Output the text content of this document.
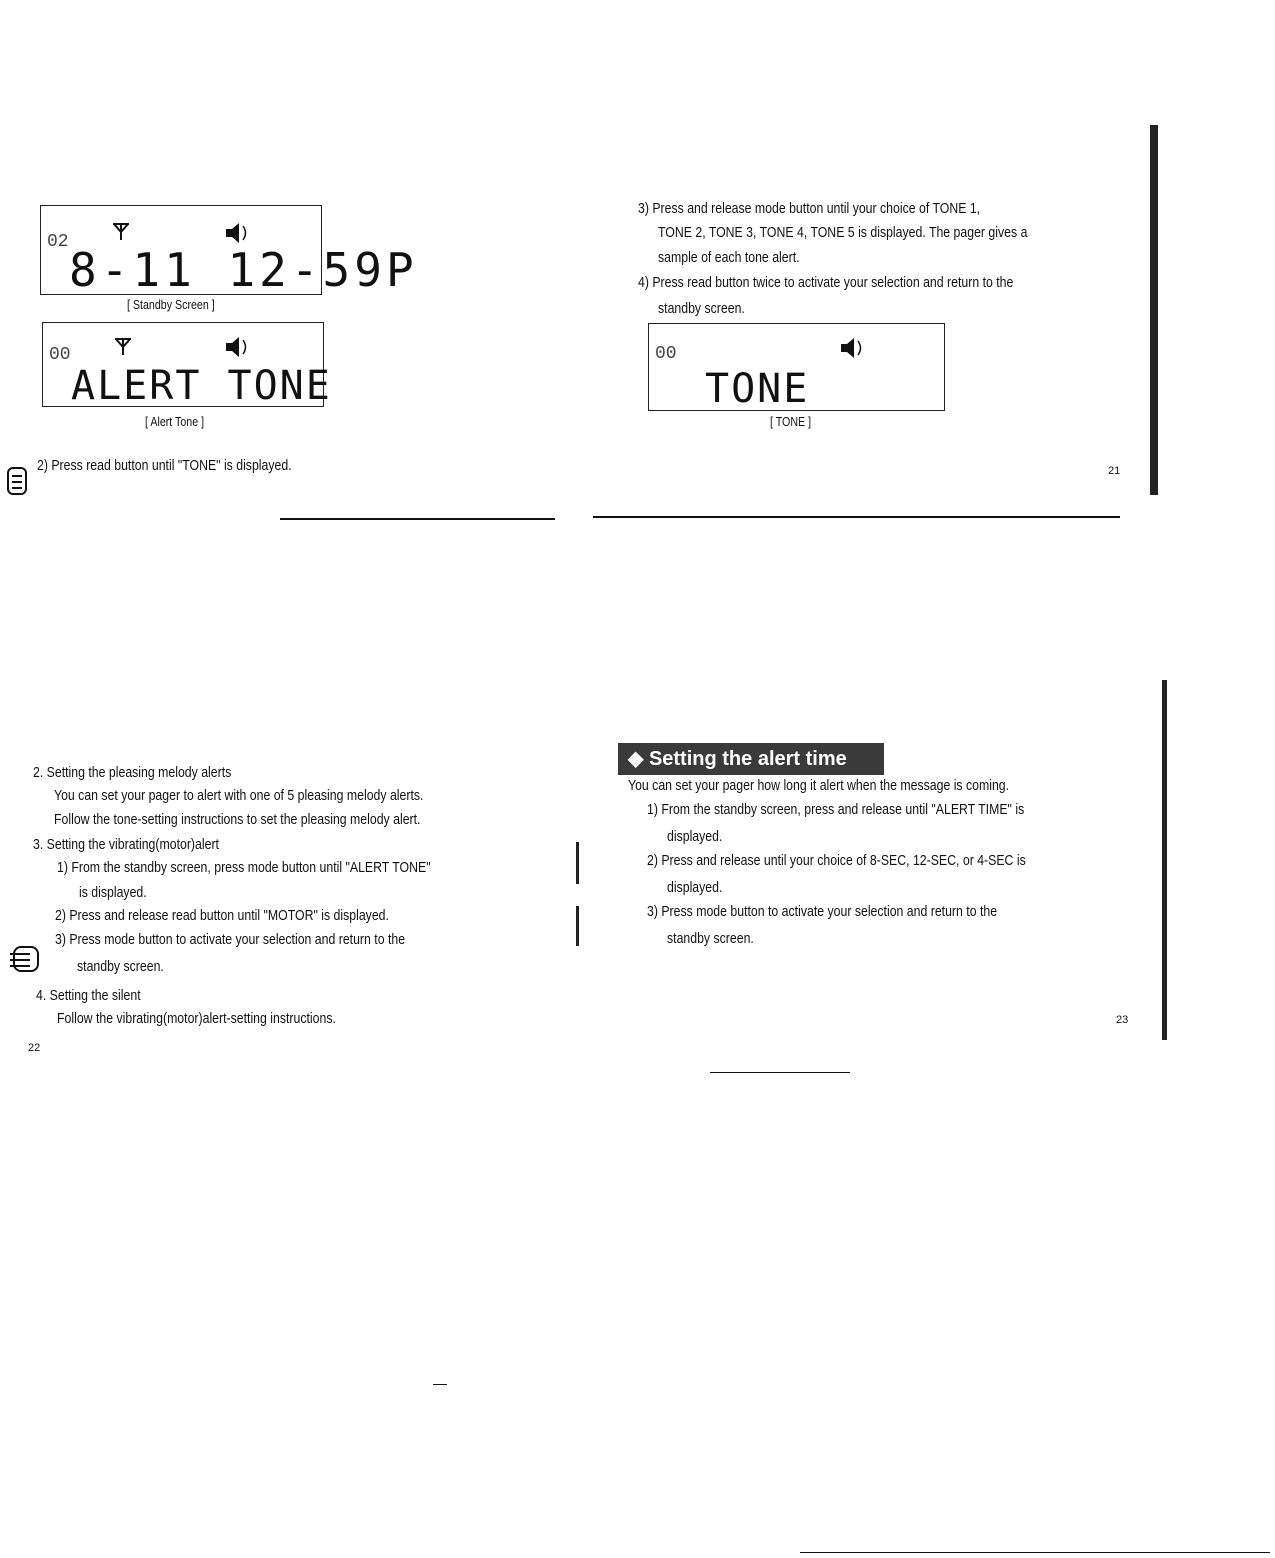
02
8-11 12-59P
[ Standby Screen ]
00
ALERT TONE
[ Alert Tone ]
2) Press read button until "TONE" is displayed.
3) Press and release mode button until your choice of TONE 1,
TONE 2, TONE 3, TONE 4, TONE 5 is displayed. The pager gives a
sample of each tone alert.
4) Press read button twice to activate your selection and return to the
standby screen.
00
TONE
[ TONE ]
21
2. Setting the pleasing melody alerts
You can set your pager to alert with one of 5 pleasing melody alerts.
Follow the tone-setting instructions to set the pleasing melody alert.
3. Setting the vibrating(motor)alert
1) From the standby screen, press mode button until "ALERT TONE"
is displayed.
2) Press and release read button until "MOTOR" is displayed.
3) Press mode button to activate your selection and return to the
standby screen.
4. Setting the silent
Follow the vibrating(motor)alert-setting instructions.
22
◆ Setting the alert time
You can set your pager how long it alert when the message is coming.
1) From the standby screen, press and release until "ALERT TIME" is
displayed.
2) Press and release until your choice of 8-SEC, 12-SEC, or 4-SEC is
displayed.
3) Press mode button to activate your selection and return to the
standby screen.
23
